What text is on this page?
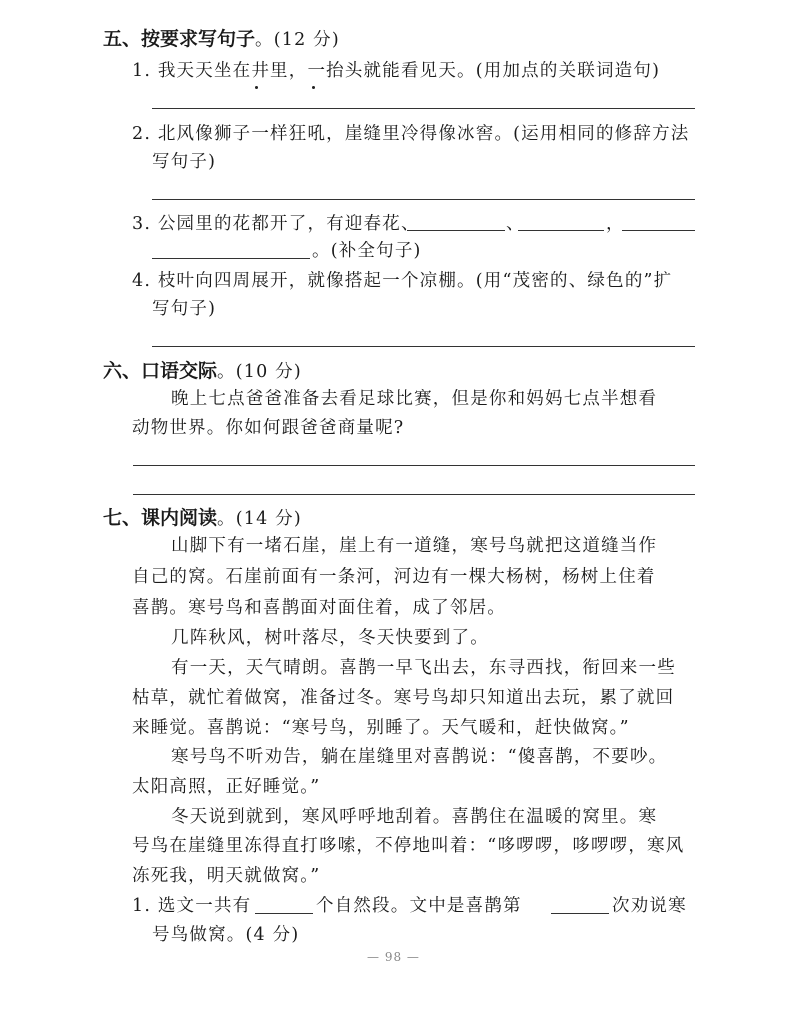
五、按要求写句子。(12 分)
1. 我天天坐在井里，一抬头就能看见天。(用加点的关联词造句)
2. 北风像狮子一样狂吼，崖缝里冷得像冰窖。(运用相同的修辞方法
写句子)
3. 公园里的花都开了，有迎春花、	、	，
。(补全句子)
4. 枝叶向四周展开，就像搭起一个凉棚。(用“茂密的、绿色的”扩
写句子)
六、口语交际。(10 分)
晚上七点爸爸准备去看足球比赛，但是你和妈妈七点半想看
动物世界。你如何跟爸爸商量呢?
七、课内阅读。(14 分)
山脚下有一堵石崖，崖上有一道缝，寒号鸟就把这道缝当作
自己的窝。石崖前面有一条河，河边有一棵大杨树，杨树上住着
喜鹊。寒号鸟和喜鹊面对面住着，成了邻居。
几阵秋风，树叶落尽，冬天快要到了。
有一天，天气晴朗。喜鹊一早飞出去，东寻西找，衔回来一些
枯草，就忙着做窝，准备过冬。寒号鸟却只知道出去玩，累了就回
来睡觉。喜鹊说：“寒号鸟，别睡了。天气暖和，赶快做窝。”
寒号鸟不听劝告，躺在崖缝里对喜鹊说：“傻喜鹊，不要吵。
太阳高照，正好睡觉。”
冬天说到就到，寒风呼呼地刮着。喜鹊住在温暖的窝里。寒
号鸟在崖缝里冻得直打哆嗦，不停地叫着：“哆啰啰，哆啰啰，寒风
冻死我，明天就做窝。”
1. 选文一共有	个自然段。文中是喜鹊第	次劝说寒
号鸟做窝。(4 分)
— 98 —
